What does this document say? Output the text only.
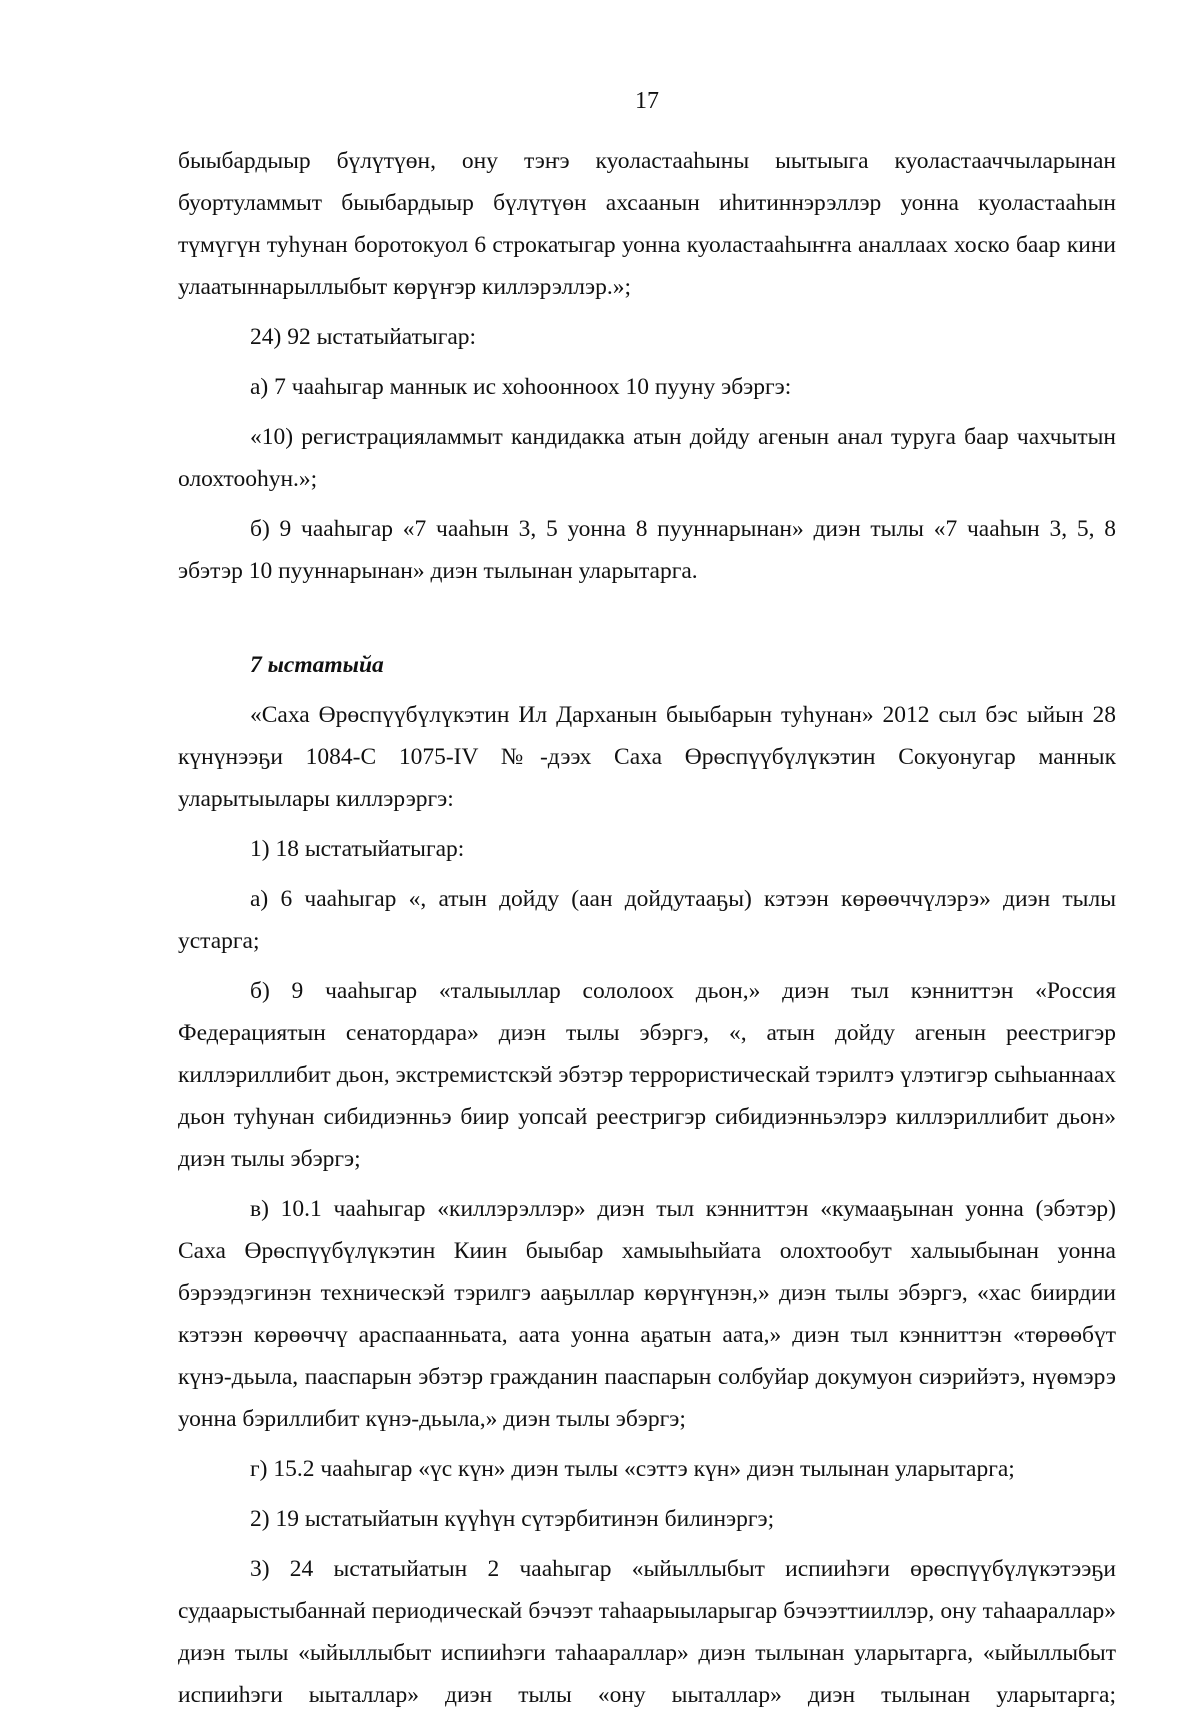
17

быыбардыыр бүлүтүөн, ону тэҥэ куоластааһыны ыытыыга куоластааччыларынан буортуламмыт быыбардыыр бүлүтүөн ахсаанын иһитиннэрэллэр уонна куоластааһын түмүгүн туһунан боротокуол 6 строкатыгар уонна куоластааһыҥҥа аналлаах хоско баар кини улаатыннарыллыбыт көрүҥэр киллэрэллэр.»;

24) 92 ыстатыйатыгар:

а) 7 чааһыгар маннык ис хоһоонноох 10 пууну эбэргэ:

«10) регистрацияламмыт кандидакка атын дойду агенын анал туруга баар чахчытын олохтооһун.»;

б) 9 чааһыгар «7 чааһын 3, 5 уонна 8 пууннарынан» диэн тылы «7 чааһын 3, 5, 8 эбэтэр 10 пууннарынан» диэн тылынан уларытарга.

7 ыстатыйа

«Саха Өрөспүүбүлүкэтин Ил Дарханын быыбарын туһунан» 2012 сыл бэс ыйын 28 күнүнээҕи 1084-С 1075-IV №-дээх Саха Өрөспүүбүлүкэтин Сокуонугар маннык уларытыылары киллэрэргэ:

1) 18 ыстатыйатыгар:

а) 6 чааһыгар «, атын дойду (аан дойдутааҕы) кэтээн көрөөччүлэрэ» диэн тылы устарга;

б) 9 чааһыгар «талыыллар сололоох дьон,» диэн тыл кэнниттэн «Россия Федерациятын сенатордара» диэн тылы эбэргэ, «, атын дойду агенын реестригэр киллэриллибит дьон, экстремистскэй эбэтэр террористическай тэрилтэ үлэтигэр сыһыаннаах дьон туһунан сибидиэнньэ биир уопсай реестригэр сибидиэнньэлэрэ киллэриллибит дьон» диэн тылы эбэргэ;

в) 10.1 чааһыгар «киллэрэллэр» диэн тыл кэнниттэн «кумааҕынан уонна (эбэтэр) Саха Өрөспүүбүлүкэтин Киин быыбар хамыыһыйата олохтообут халыыбынан уонна бэрээдэгинэн техническэй тэрилгэ ааҕыллар көрүҥүнэн,» диэн тылы эбэргэ, «хас биирдии кэтээн көрөөччү араспаанньата, аата уонна аҕатын аата,» диэн тыл кэнниттэн «төрөөбүт күнэ-дьыла, пааспарын эбэтэр гражданин пааспарын солбуйар докумуон сиэрийэтэ, нүөмэрэ уонна бэриллибит күнэ-дьыла,» диэн тылы эбэргэ;

г) 15.2 чааһыгар «үс күн» диэн тылы «сэттэ күн» диэн тылынан уларытарга;

2) 19 ыстатыйатын күүһүн сүтэрбитинэн билинэргэ;

3) 24 ыстатыйатын 2 чааһыгар «ыйыллыбыт испииһэги өрөспүүбүлүкэтээҕи судаарыстыбаннай периодическай бэчээт таһаарыыларыгар бэчээттииллэр, ону таһаараллар» диэн тылы «ыйыллыбыт испииһэги таһаараллар» диэн тылынан уларытарга, «ыйыллыбыт испииһэги ыыталлар» диэн тылы «ону ыыталлар» диэн тылынан уларытарга;
